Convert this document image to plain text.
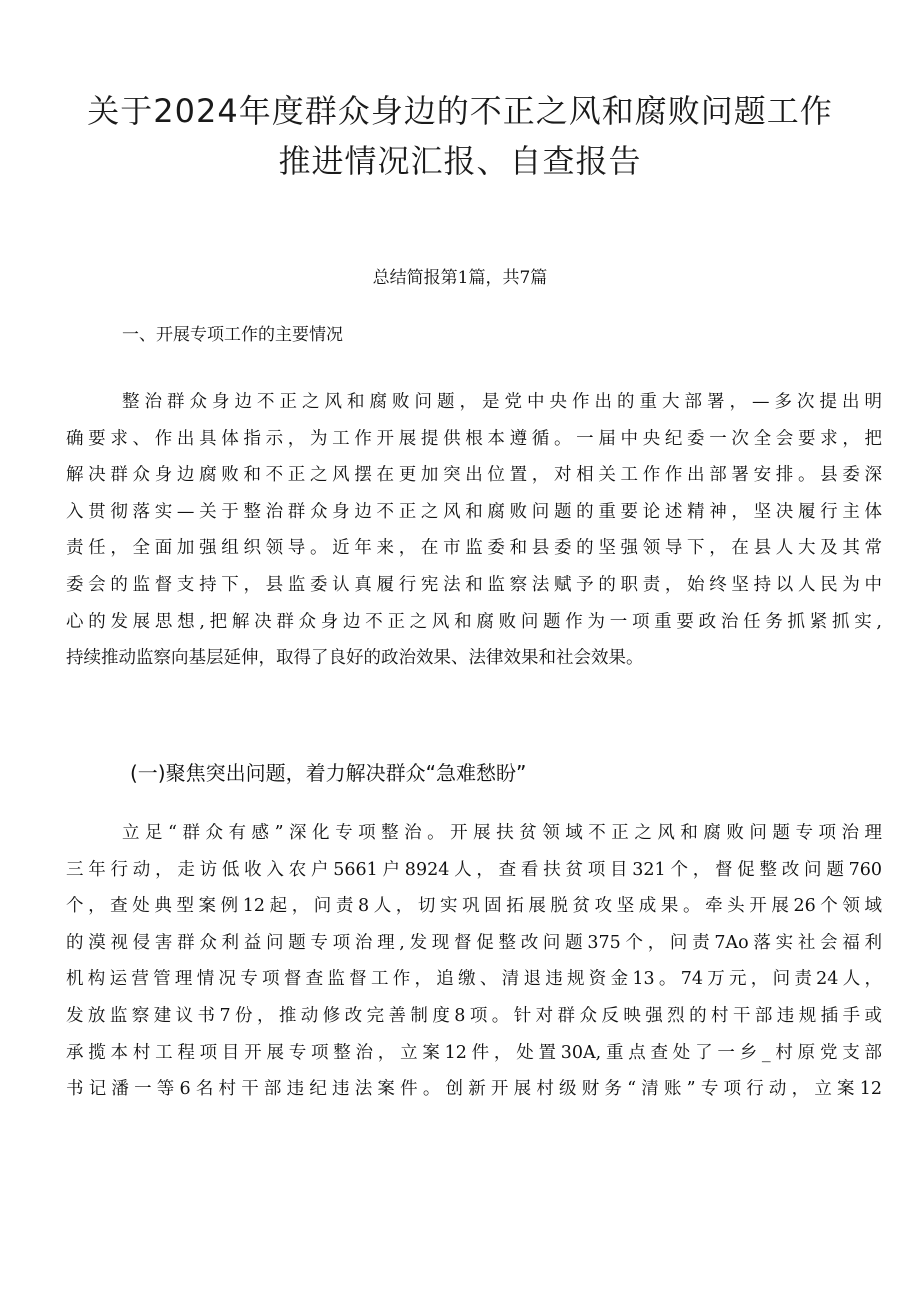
关于2024年度群众身边的不正之风和腐败问题工作
推进情况汇报、自查报告
总结简报第1篇，共7篇
一、开展专项工作的主要情况
整治群众身边不正之风和腐败问题，是党中央作出的重大部署，—多次提出明
确要求、作出具体指示，为工作开展提供根本遵循。一届中央纪委一次全会要求，把
解决群众身边腐败和不正之风摆在更加突出位置，对相关工作作出部署安排。县委深
入贯彻落实—关于整治群众身边不正之风和腐败问题的重要论述精神，坚决履行主体
责任，全面加强组织领导。近年来，在市监委和县委的坚强领导下，在县人大及其常
委会的监督支持下，县监委认真履行宪法和监察法赋予的职责，始终坚持以人民为中
心的发展思想,把解决群众身边不正之风和腐败问题作为一项重要政治任务抓紧抓实,
持续推动监察向基层延伸，取得了良好的政治效果、法律效果和社会效果。
(一)聚焦突出问题，着力解决群众“急难愁盼”
立足“群众有感”深化专项整治。开展扶贫领域不正之风和腐败问题专项治理
三年行动，走访低收入农户5661户8924人，查看扶贫项目321个，督促整改问题760
个，查处典型案例12起，问责8人，切实巩固拓展脱贫攻坚成果。牵头开展26个领域
的漠视侵害群众利益问题专项治理,发现督促整改问题375个，问责7Ao落实社会福利
机构运营管理情况专项督查监督工作，追缴、清退违规资金13。74万元，问责24人，
发放监察建议书7份，推动修改完善制度8项。针对群众反映强烈的村干部违规插手或
承揽本村工程项目开展专项整治，立案12件，处置30A,重点查处了一乡_村原党支部
书记潘一等6名村干部违纪违法案件。创新开展村级财务“清账”专项行动，立案12
